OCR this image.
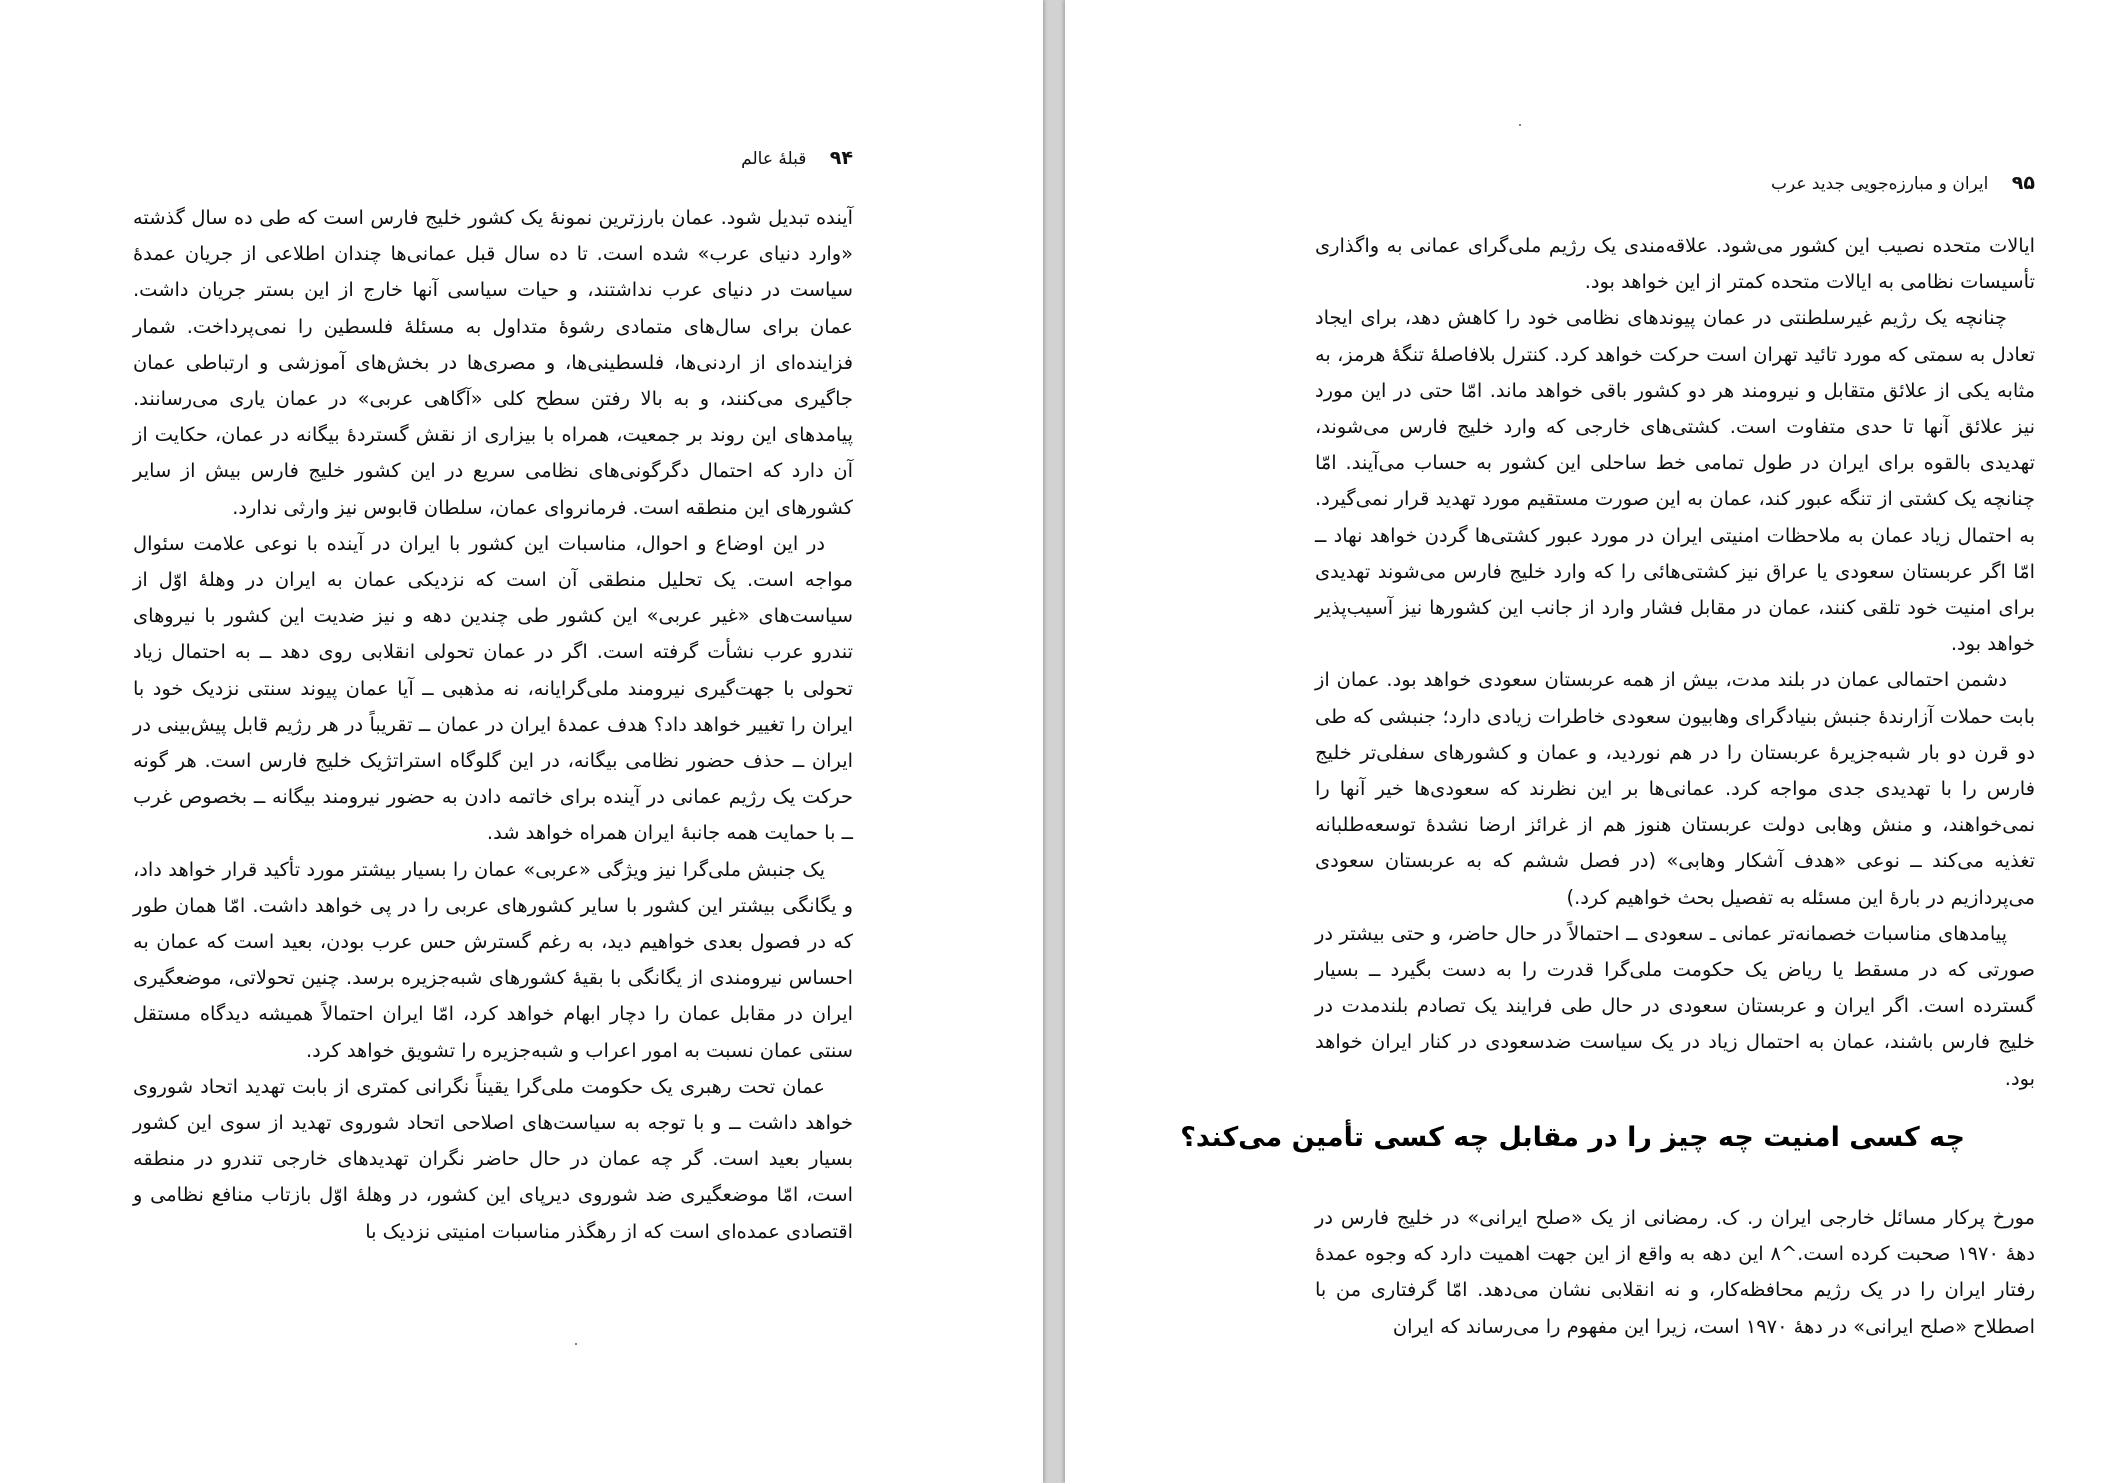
۹۴ قبلهٔ عالم

آینده تبدیل شود. عمان بارزترین نمونهٔ یک کشور خلیج فارس است که طی ده سال گذشته «وارد دنیای عرب» شده است. تا ده سال قبل عمانی‌ها چندان اطلاعی از جریان عمدهٔ سیاست در دنیای عرب نداشتند، و حیات سیاسی آنها خارج از این بستر جریان داشت. عمان برای سال‌های متمادی رشوهٔ متداول به مسئلهٔ فلسطین را نمی‌پرداخت. شمار فزاینده‌ای از اردنی‌ها، فلسطینی‌ها، و مصری‌ها در بخش‌های آموزشی و ارتباطی عمان جاگیری می‌کنند، و به بالا رفتن سطح کلی «آگاهی عربی» در عمان یاری می‌رسانند. پیامدهای این روند بر جمعیت، همراه با بیزاری از نقش گستردهٔ بیگانه در عمان، حکایت از آن دارد که احتمال دگرگونی‌های نظامی سریع در این کشور خلیج فارس بیش از سایر کشورهای این منطقه است. فرمانروای عمان، سلطان قابوس نیز وارثی ندارد.

در این اوضاع و احوال، مناسبات این کشور با ایران در آینده با نوعی علامت سئوال مواجه است. یک تحلیل منطقی آن است که نزدیکی عمان به ایران در وهلهٔ اوّل از سیاست‌های «غیر عربی» این کشور طی چندین دهه و نیز ضدیت این کشور با نیروهای تندرو عرب نشأت گرفته است. اگر در عمان تحولی انقلابی روی دهد ــ به احتمال زیاد تحولی با جهت‌گیری نیرومند ملی‌گرایانه، نه مذهبی ــ آیا عمان پیوند سنتی نزدیک خود با ایران را تغییر خواهد داد؟ هدف عمدهٔ ایران در عمان ــ تقریباً در هر رژیم قابل پیش‌بینی در ایران ــ حذف حضور نظامی بیگانه، در این گلوگاه استراتژیک خلیج فارس است. هر گونه حرکت یک رژیم عمانی در آینده برای خاتمه دادن به حضور نیرومند بیگانه ــ بخصوص غرب ــ با حمایت همه جانبهٔ ایران همراه خواهد شد.

یک جنبش ملی‌گرا نیز ویژگی «عربی» عمان را بسیار بیشتر مورد تأکید قرار خواهد داد، و یگانگی بیشتر این کشور با سایر کشورهای عربی را در پی خواهد داشت. امّا همان طور که در فصول بعدی خواهیم دید، به رغم گسترش حس عرب بودن، بعید است که عمان به احساس نیرومندی از یگانگی با بقیهٔ کشورهای شبه‌جزیره برسد. چنین تحولاتی، موضعگیری ایران در مقابل عمان را دچار ابهام خواهد کرد، امّا ایران احتمالاً همیشه دیدگاه مستقل سنتی عمان نسبت به امور اعراب و شبه‌جزیره را تشویق خواهد کرد.

عمان تحت رهبری یک حکومت ملی‌گرا یقیناً نگرانی کمتری از بابت تهدید اتحاد شوروی خواهد داشت ــ و با توجه به سیاست‌های اصلاحی اتحاد شوروی تهدید از سوی این کشور بسیار بعید است. گر چه عمان در حال حاضر نگران تهدیدهای خارجی تندرو در منطقه است، امّا موضعگیری ضد شوروی دیرپای این کشور، در وهلهٔ اوّل بازتاب منافع نظامی و اقتصادی عمده‌ای است که از رهگذر مناسبات امنیتی نزدیک با

۹۵ ایران و مبارزه‌جویی جدید عرب

ایالات متحده نصیب این کشور می‌شود. علاقه‌مندی یک رژیم ملی‌گرای عمانی به واگذاری تأسیسات نظامی به ایالات متحده کمتر از این خواهد بود.

چنانچه یک رژیم غیرسلطنتی در عمان پیوندهای نظامی خود را کاهش دهد، برای ایجاد تعادل به سمتی که مورد تائید تهران است حرکت خواهد کرد. کنترل بلافاصلهٔ تنگهٔ هرمز، به مثابه یکی از علائق متقابل و نیرومند هر دو کشور باقی خواهد ماند. امّا حتی در این مورد نیز علائق آنها تا حدی متفاوت است. کشتی‌های خارجی که وارد خلیج فارس می‌شوند، تهدیدی بالقوه برای ایران در طول تمامی خط ساحلی این کشور به حساب می‌آیند. امّا چنانچه یک کشتی از تنگه عبور کند، عمان به این صورت مستقیم مورد تهدید قرار نمی‌گیرد. به احتمال زیاد عمان به ملاحظات امنیتی ایران در مورد عبور کشتی‌ها گردن خواهد نهاد ــ امّا اگر عربستان سعودی یا عراق نیز کشتی‌هائی را که وارد خلیج فارس می‌شوند تهدیدی برای امنیت خود تلقی کنند، عمان در مقابل فشار وارد از جانب این کشورها نیز آسیب‌پذیر خواهد بود.

دشمن احتمالی عمان در بلند مدت، بیش از همه عربستان سعودی خواهد بود. عمان از بابت حملات آزارندهٔ جنبش بنیادگرای وهابیون سعودی خاطرات زیادی دارد؛ جنبشی که طی دو قرن دو بار شبه‌جزیرهٔ عربستان را در هم نوردید، و عمان و کشورهای سفلی‌تر خلیج فارس را با تهدیدی جدی مواجه کرد. عمانی‌ها بر این نظرند که سعودی‌ها خیر آنها را نمی‌خواهند، و منش وهابی دولت عربستان هنوز هم از غرائز ارضا نشدهٔ توسعه‌طلبانه تغذیه می‌کند ــ نوعی «هدف آشکار وهابی» (در فصل ششم که به عربستان سعودی می‌پردازیم در بارهٔ این مسئله به تفصیل بحث خواهیم کرد.)

پیامدهای مناسبات خصمانه‌تر عمانی ـ سعودی ــ احتمالاً در حال حاضر، و حتی بیشتر در صورتی که در مسقط یا ریاض یک حکومت ملی‌گرا قدرت را به دست بگیرد ــ بسیار گسترده است. اگر ایران و عربستان سعودی در حال طی فرایند یک تصادم بلندمدت در خلیج فارس باشند، عمان به احتمال زیاد در یک سیاست ضدسعودی در کنار ایران خواهد بود.

چه کسی امنیت چه چیز را در مقابل چه کسی تأمین می‌کند؟

مورخ پرکار مسائل خارجی ایران ر. ک. رمضانی از یک «صلح ایرانی» در خلیج فارس در دههٔ ۱۹۷۰ صحبت کرده است.^۸ این دهه به واقع از این جهت اهمیت دارد که وجوه عمدهٔ رفتار ایران را در یک رژیم محافظه‌کار، و نه انقلابی نشان می‌دهد. امّا گرفتاری من با اصطلاح «صلح ایرانی» در دههٔ ۱۹۷۰ است، زیرا این مفهوم را می‌رساند که ایران
